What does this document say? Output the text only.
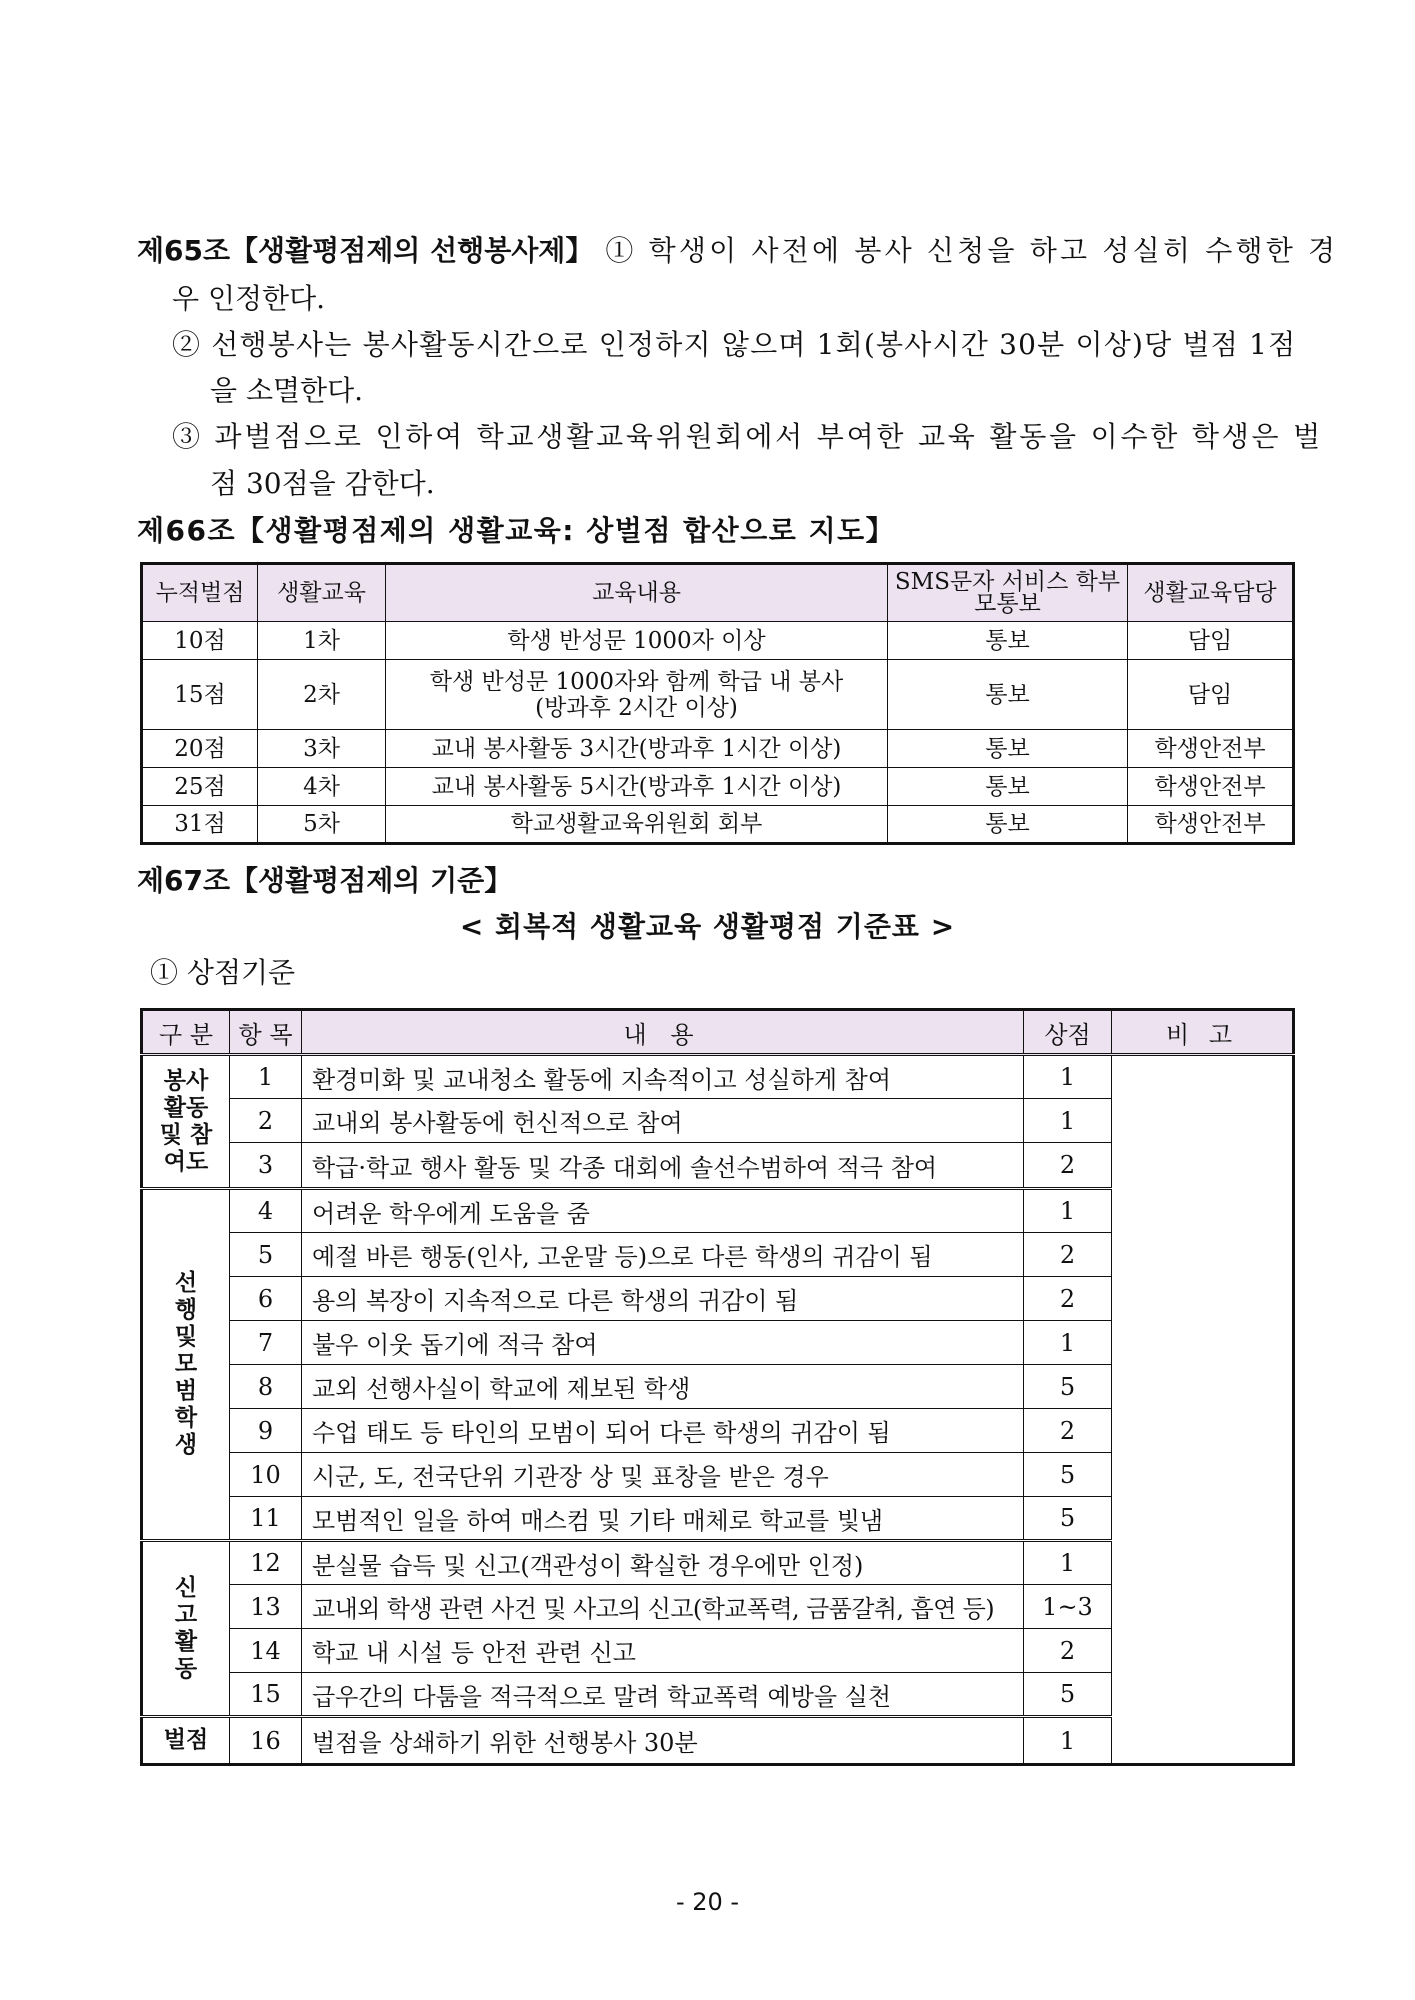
제65조【생활평점제의 선행봉사제】 ① 학생이 사전에 봉사 신청을 하고 성실히 수행한 경
우 인정한다.
② 선행봉사는 봉사활동시간으로 인정하지 않으며 1회(봉사시간 30분 이상)당 벌점 1점
을 소멸한다.
③ 과벌점으로 인하여 학교생활교육위원회에서 부여한 교육 활동을 이수한 학생은 벌
점 30점을 감한다.
제66조【생활평점제의 생활교육: 상벌점 합산으로 지도】
누적벌점	생활교육	교육내용	SMS문자 서비스 학부모통보	생활교육담당
10점	1차	학생 반성문 1000자 이상	통보	담임
15점	2차	학생 반성문 1000자와 함께 학급 내 봉사 (방과후 2시간 이상)	통보	담임
20점	3차	교내 봉사활동 3시간(방과후 1시간 이상)	통보	학생안전부
25점	4차	교내 봉사활동 5시간(방과후 1시간 이상)	통보	학생안전부
31점	5차	학교생활교육위원회 회부	통보	학생안전부
제67조【생활평점제의 기준】
< 회복적 생활교육 생활평점 기준표 >
① 상점기준
구 분	항 목	내 용	상점	비 고
봉사 활동 및 참여도	1	환경미화 및 교내청소 활동에 지속적이고 성실하게 참여	1	
	2	교내외 봉사활동에 헌신적으로 참여	1	
	3	학급·학교 행사 활동 및 각종 대회에 솔선수범하여 적극 참여	2	
선행 및 모범 학생	4	어려운 학우에게 도움을 줌	1	
	5	예절 바른 행동(인사, 고운말 등)으로 다른 학생의 귀감이 됨	2	
	6	용의 복장이 지속적으로 다른 학생의 귀감이 됨	2	
	7	불우 이웃 돕기에 적극 참여	1	
	8	교외 선행사실이 학교에 제보된 학생	5	
	9	수업 태도 등 타인의 모범이 되어 다른 학생의 귀감이 됨	2	
	10	시군, 도, 전국단위 기관장 상 및 표창을 받은 경우	5	
	11	모범적인 일을 하여 매스컴 및 기타 매체로 학교를 빛냄	5	
신고 활동	12	분실물 습득 및 신고(객관성이 확실한 경우에만 인정)	1	
	13	교내외 학생 관련 사건 및 사고의 신고(학교폭력, 금품갈취, 흡연 등)	1~3	
	14	학교 내 시설 등 안전 관련 신고	2	
	15	급우간의 다툼을 적극적으로 말려 학교폭력 예방을 실천	5	
벌점	16	벌점을 상쇄하기 위한 선행봉사 30분	1	
- 20 -
